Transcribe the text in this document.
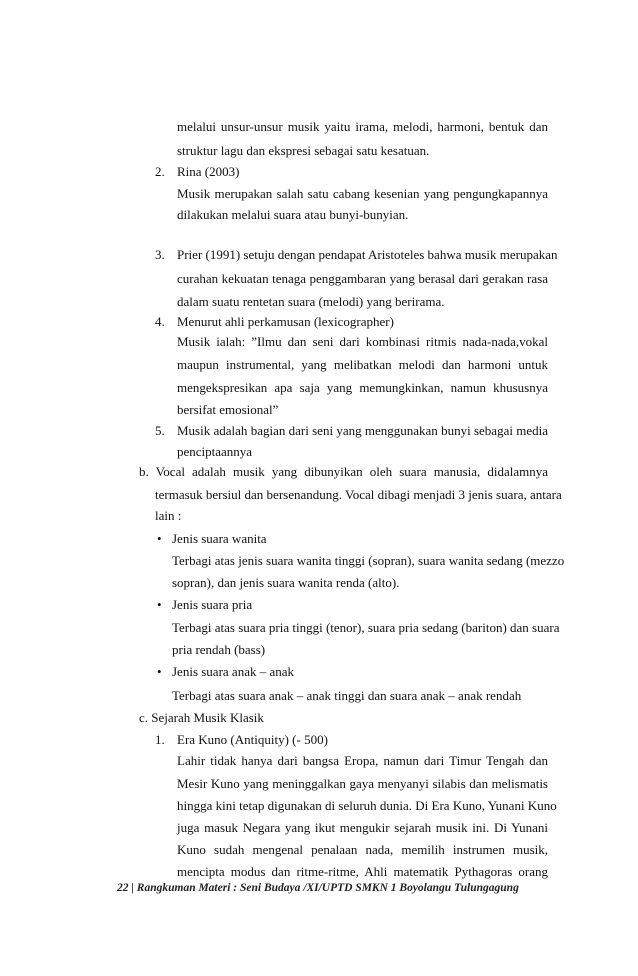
melalui unsur-unsur musik yaitu irama, melodi, harmoni, bentuk dan
struktur lagu dan ekspresi sebagai satu kesatuan.
2. Rina (2003)
Musik merupakan salah satu cabang kesenian yang pengungkapannya
dilakukan melalui suara atau bunyi-bunyian.
3. Prier (1991) setuju dengan pendapat Aristoteles bahwa musik merupakan
curahan kekuatan tenaga penggambaran yang berasal dari gerakan rasa
dalam suatu rentetan suara (melodi) yang berirama.
4. Menurut ahli perkamusan (lexicographer)
Musik ialah: ”Ilmu dan seni dari kombinasi ritmis nada-nada,vokal
maupun instrumental, yang melibatkan melodi dan harmoni untuk
mengekspresikan apa saja yang memungkinkan, namun khususnya
bersifat emosional”
5. Musik adalah bagian dari seni yang menggunakan bunyi sebagai media
penciptaannya
b. Vocal adalah musik yang dibunyikan oleh suara manusia, didalamnya
termasuk bersiul dan bersenandung. Vocal dibagi menjadi 3 jenis suara, antara
lain :
• Jenis suara wanita
Terbagi atas jenis suara wanita tinggi (sopran), suara wanita sedang (mezzo
sopran), dan jenis suara wanita renda (alto).
• Jenis suara pria
Terbagi atas suara pria tinggi (tenor), suara pria sedang (bariton) dan suara
pria rendah (bass)
• Jenis suara anak – anak
Terbagi atas suara anak – anak tinggi dan suara anak – anak rendah
c. Sejarah Musik Klasik
1. Era Kuno (Antiquity) (- 500)
Lahir tidak hanya dari bangsa Eropa, namun dari Timur Tengah dan
Mesir Kuno yang meninggalkan gaya menyanyi silabis dan melismatis
hingga kini tetap digunakan di seluruh dunia. Di Era Kuno, Yunani Kuno
juga masuk Negara yang ikut mengukir sejarah musik ini. Di Yunani
Kuno sudah mengenal penalaan nada, memilih instrumen musik,
mencipta modus dan ritme-ritme, Ahli matematik Pythagoras orang
22 | Rangkuman Materi : Seni Budaya /XI/UPTD SMKN 1 Boyolangu Tulungagung
